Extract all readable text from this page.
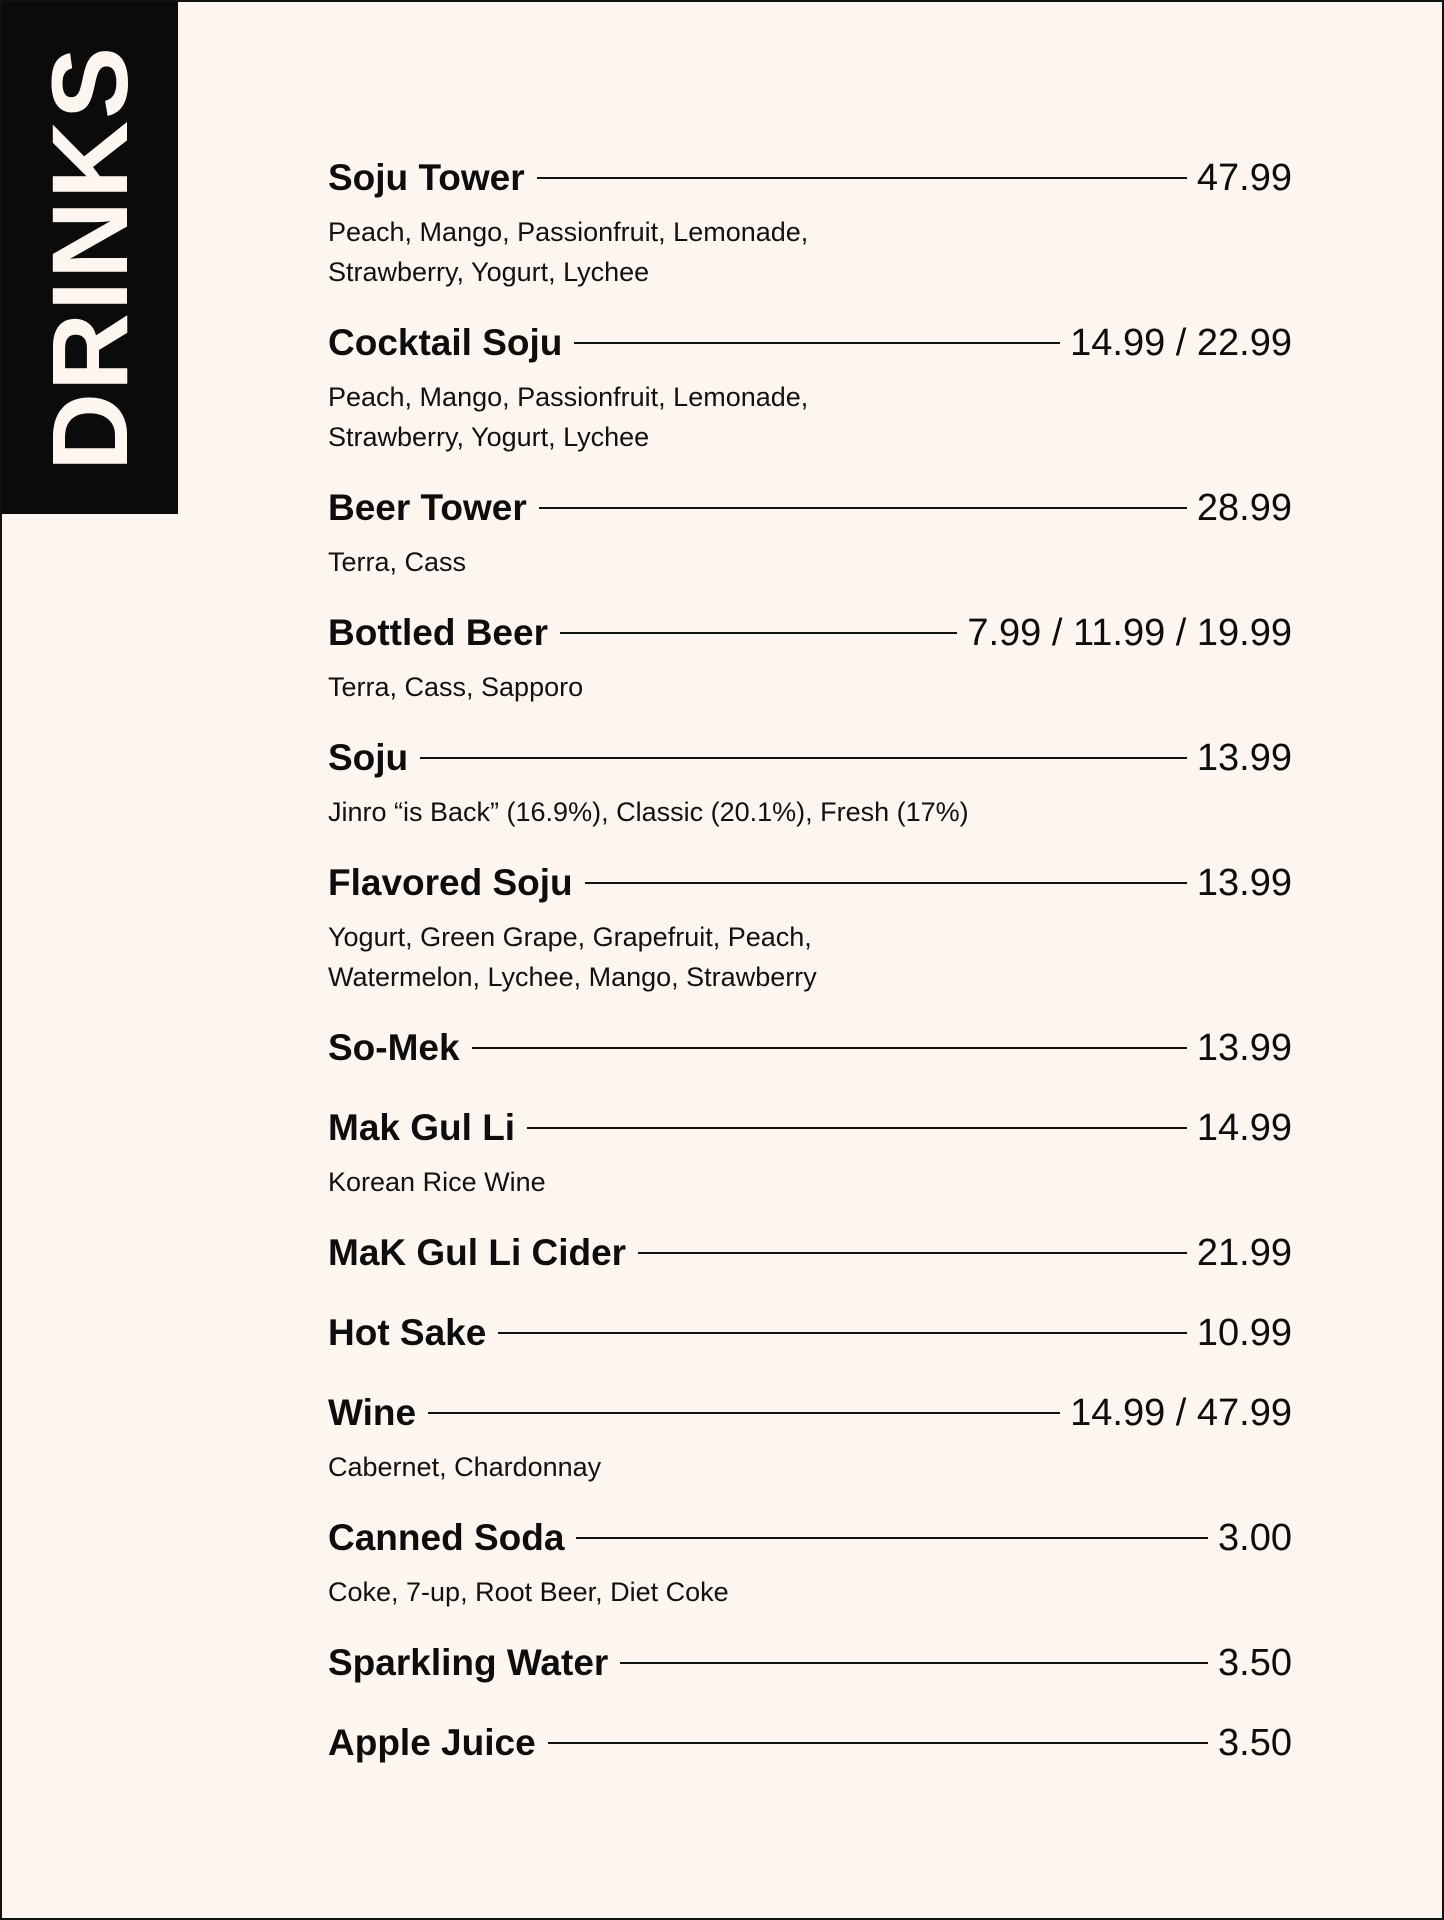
DRINKS	Soju Tower	47.99
Peach, Mango, Passionfruit, Lemonade,
Strawberry, Yogurt, Lychee
Cocktail Soju	14.99 / 22.99
Peach, Mango, Passionfruit, Lemonade,
Strawberry, Yogurt, Lychee
Beer Tower	28.99
Terra, Cass
Bottled Beer	7.99 / 11.99 / 19.99
Terra, Cass, Sapporo
Soju	13.99
Jinro “is Back” (16.9%), Classic (20.1%), Fresh (17%)
Flavored Soju	13.99
Yogurt, Green Grape, Grapefruit, Peach,
Watermelon, Lychee, Mango, Strawberry
So-Mek	13.99
Mak Gul Li	14.99
Korean Rice Wine
MaK Gul Li Cider	21.99
Hot Sake	10.99
Wine	14.99 / 47.99
Cabernet, Chardonnay
Canned Soda	3.00
Coke, 7-up, Root Beer, Diet Coke
Sparkling Water	3.50
Apple Juice	3.50
